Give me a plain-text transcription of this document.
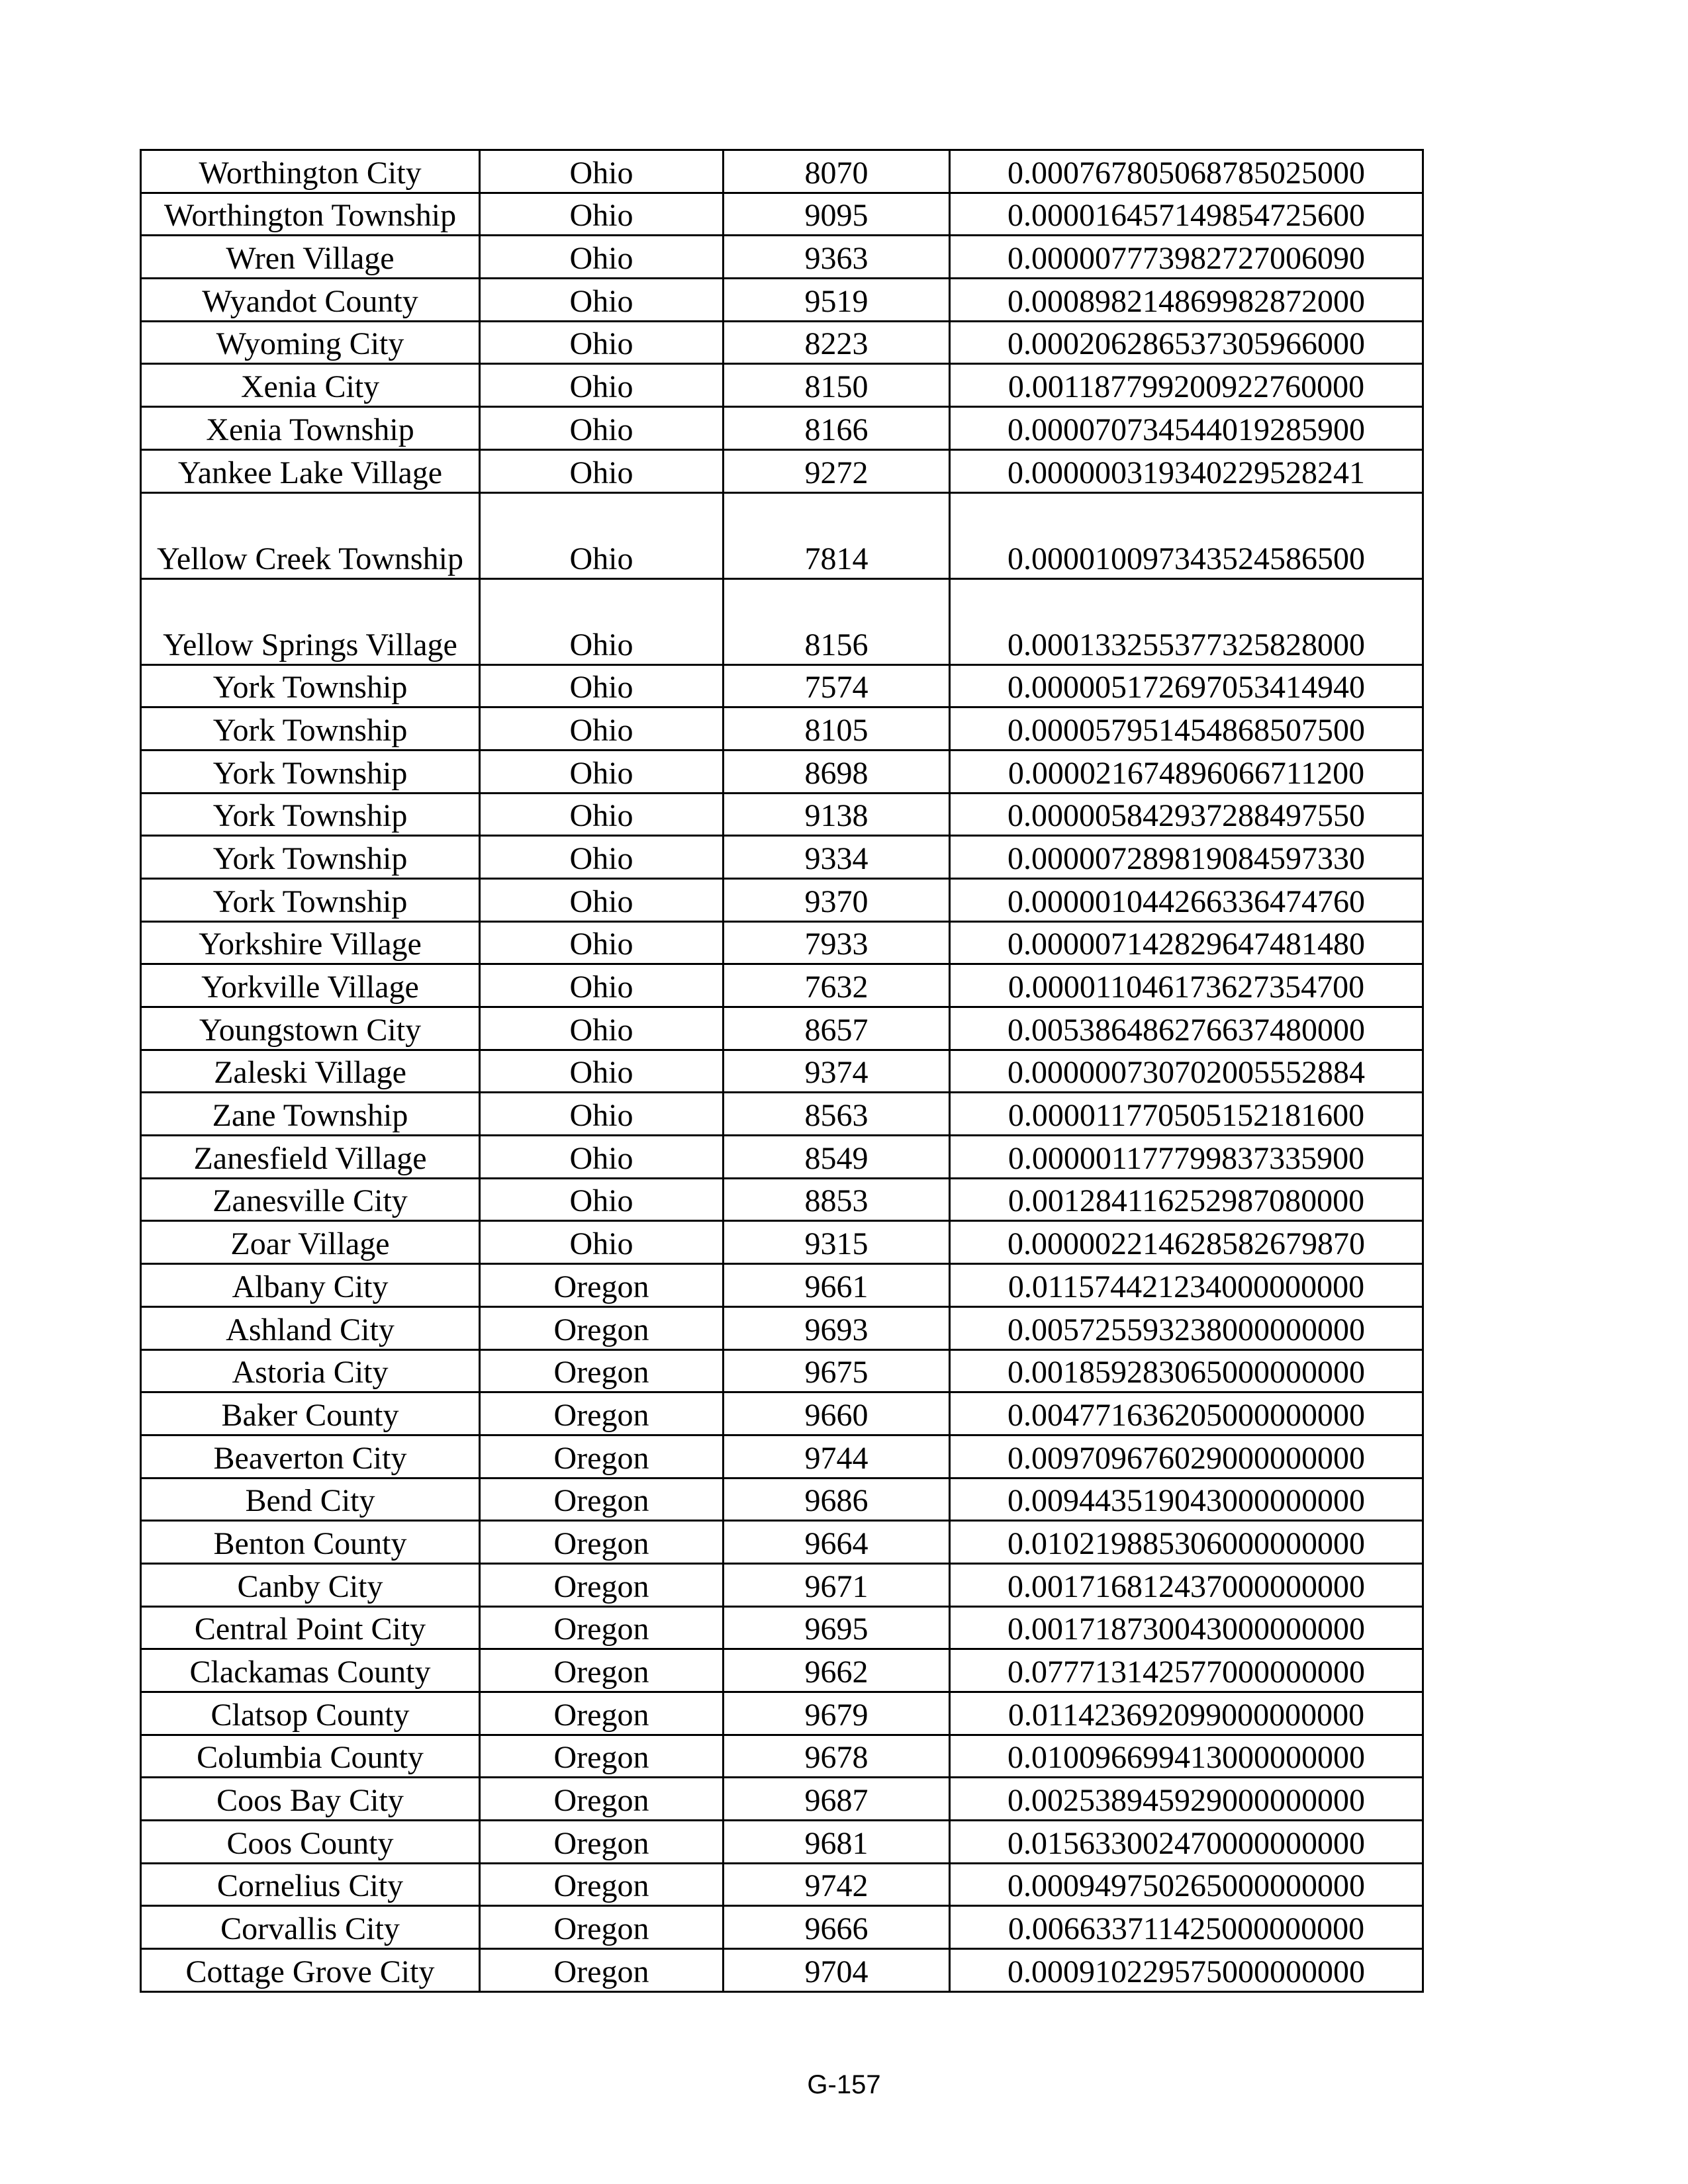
Worthington City	Ohio	8070	0.000767805068785025000
Worthington Township	Ohio	9095	0.000016457149854725600
Wren Village	Ohio	9363	0.000007773982727006090
Wyandot County	Ohio	9519	0.000898214869982872000
Wyoming City	Ohio	8223	0.000206286537305966000
Xenia City	Ohio	8150	0.001187799200922760000
Xenia Township	Ohio	8166	0.000070734544019285900
Yankee Lake Village	Ohio	9272	0.000000319340229528241
Yellow Creek Township	Ohio	7814	0.000010097343524586500
Yellow Springs Village	Ohio	8156	0.000133255377325828000
York Township	Ohio	7574	0.000005172697053414940
York Township	Ohio	8105	0.000057951454868507500
York Township	Ohio	8698	0.000021674896066711200
York Township	Ohio	9138	0.000005842937288497550
York Township	Ohio	9334	0.000007289819084597330
York Township	Ohio	9370	0.000001044266336474760
Yorkshire Village	Ohio	7933	0.000007142829647481480
Yorkville Village	Ohio	7632	0.000011046173627354700
Youngstown City	Ohio	8657	0.005386486276637480000
Zaleski Village	Ohio	9374	0.000000730702005552884
Zane Township	Ohio	8563	0.000011770505152181600
Zanesfield Village	Ohio	8549	0.000001177799837335900
Zanesville City	Ohio	8853	0.001284116252987080000
Zoar Village	Ohio	9315	0.000002214628582679870
Albany City	Oregon	9661	0.011574421234000000000
Ashland City	Oregon	9693	0.005725593238000000000
Astoria City	Oregon	9675	0.001859283065000000000
Baker County	Oregon	9660	0.004771636205000000000
Beaverton City	Oregon	9744	0.009709676029000000000
Bend City	Oregon	9686	0.009443519043000000000
Benton County	Oregon	9664	0.010219885306000000000
Canby City	Oregon	9671	0.001716812437000000000
Central Point City	Oregon	9695	0.001718730043000000000
Clackamas County	Oregon	9662	0.077713142577000000000
Clatsop County	Oregon	9679	0.011423692099000000000
Columbia County	Oregon	9678	0.010096699413000000000
Coos Bay City	Oregon	9687	0.002538945929000000000
Coos County	Oregon	9681	0.015633002470000000000
Cornelius City	Oregon	9742	0.000949750265000000000
Corvallis City	Oregon	9666	0.006633711425000000000
Cottage Grove City	Oregon	9704	0.000910229575000000000
G-157
